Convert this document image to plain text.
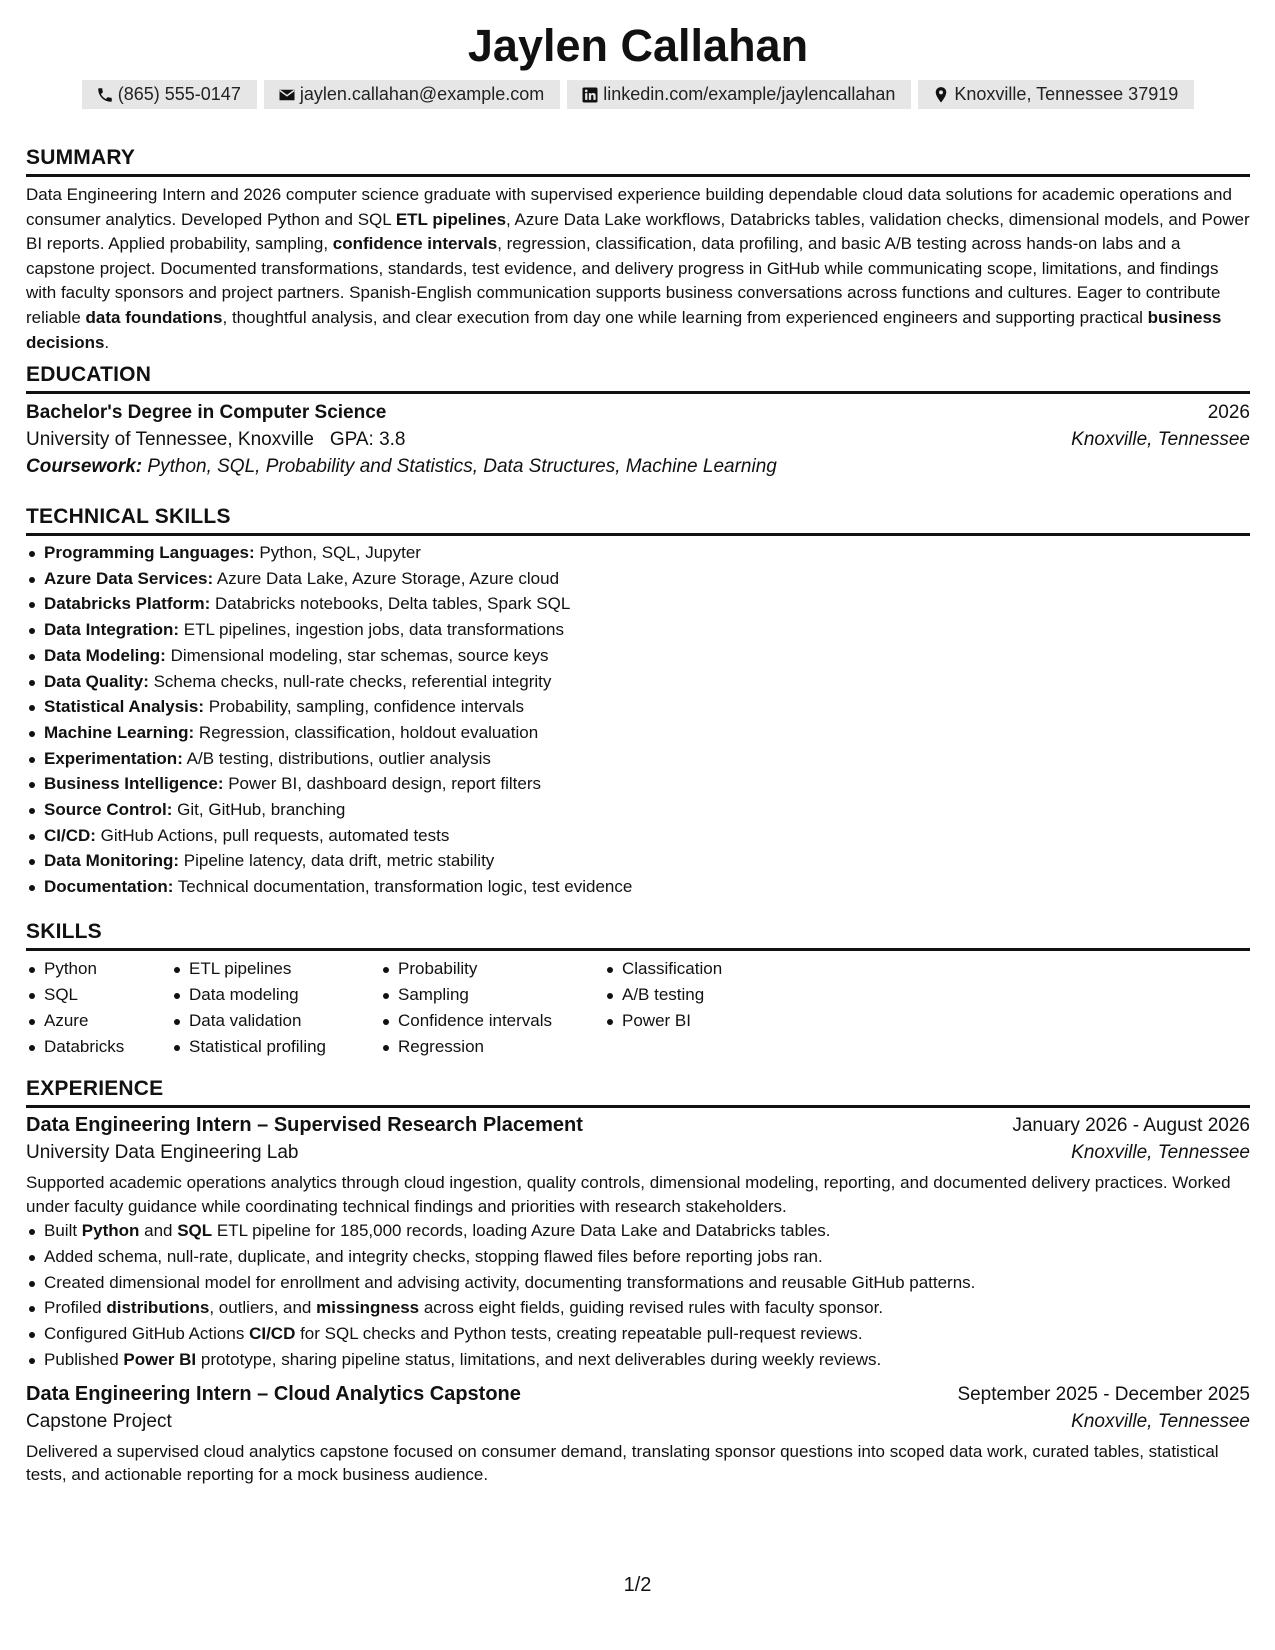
Jaylen Callahan
(865) 555-0147	jaylen.callahan@example.com	linkedin.com/example/jaylencallahan	Knoxville, Tennessee 37919
SUMMARY
Data Engineering Intern and 2026 computer science graduate with supervised experience building dependable cloud data solutions for academic operations and consumer analytics. Developed Python and SQL ETL pipelines, Azure Data Lake workflows, Databricks tables, validation checks, dimensional models, and Power BI reports. Applied probability, sampling, confidence intervals, regression, classification, data profiling, and basic A/B testing across hands-on labs and a capstone project. Documented transformations, standards, test evidence, and delivery progress in GitHub while communicating scope, limitations, and findings with faculty sponsors and project partners. Spanish-English communication supports business conversations across functions and cultures. Eager to contribute reliable data foundations, thoughtful analysis, and clear execution from day one while learning from experienced engineers and supporting practical business decisions.
EDUCATION
Bachelor's Degree in Computer Science	2026
University of Tennessee, Knoxville GPA: 3.8	Knoxville, Tennessee
Coursework: Python, SQL, Probability and Statistics, Data Structures, Machine Learning
TECHNICAL SKILLS
Programming Languages: Python, SQL, Jupyter
Azure Data Services: Azure Data Lake, Azure Storage, Azure cloud
Databricks Platform: Databricks notebooks, Delta tables, Spark SQL
Data Integration: ETL pipelines, ingestion jobs, data transformations
Data Modeling: Dimensional modeling, star schemas, source keys
Data Quality: Schema checks, null-rate checks, referential integrity
Statistical Analysis: Probability, sampling, confidence intervals
Machine Learning: Regression, classification, holdout evaluation
Experimentation: A/B testing, distributions, outlier analysis
Business Intelligence: Power BI, dashboard design, report filters
Source Control: Git, GitHub, branching
CI/CD: GitHub Actions, pull requests, automated tests
Data Monitoring: Pipeline latency, data drift, metric stability
Documentation: Technical documentation, transformation logic, test evidence
SKILLS
Python
SQL
Azure
Databricks
ETL pipelines
Data modeling
Data validation
Statistical profiling
Probability
Sampling
Confidence intervals
Regression
Classification
A/B testing
Power BI
EXPERIENCE
Data Engineering Intern – Supervised Research Placement	January 2026 - August 2026
University Data Engineering Lab	Knoxville, Tennessee
Supported academic operations analytics through cloud ingestion, quality controls, dimensional modeling, reporting, and documented delivery practices. Worked under faculty guidance while coordinating technical findings and priorities with research stakeholders.
Built Python and SQL ETL pipeline for 185,000 records, loading Azure Data Lake and Databricks tables.
Added schema, null-rate, duplicate, and integrity checks, stopping flawed files before reporting jobs ran.
Created dimensional model for enrollment and advising activity, documenting transformations and reusable GitHub patterns.
Profiled distributions, outliers, and missingness across eight fields, guiding revised rules with faculty sponsor.
Configured GitHub Actions CI/CD for SQL checks and Python tests, creating repeatable pull-request reviews.
Published Power BI prototype, sharing pipeline status, limitations, and next deliverables during weekly reviews.
Data Engineering Intern – Cloud Analytics Capstone	September 2025 - December 2025
Capstone Project	Knoxville, Tennessee
Delivered a supervised cloud analytics capstone focused on consumer demand, translating sponsor questions into scoped data work, curated tables, statistical tests, and actionable reporting for a mock business audience.
1/2
